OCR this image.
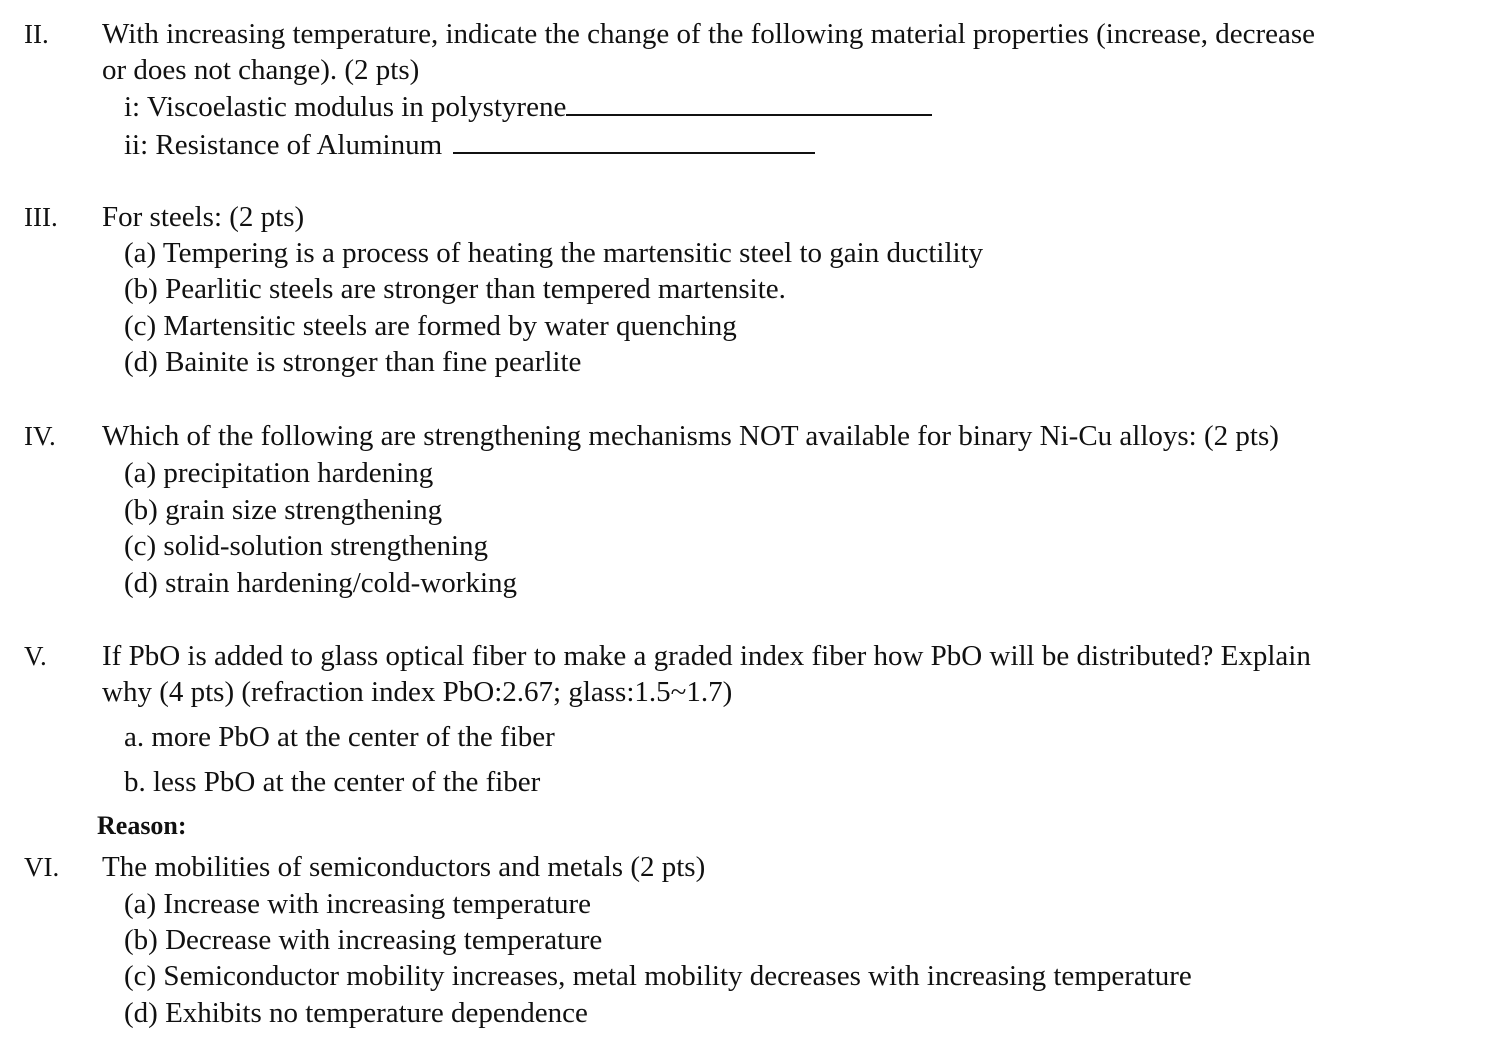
II. With increasing temperature, indicate the change of the following material properties (increase, decrease
or does not change). (2 pts)
i: Viscoelastic modulus in polystyrene
ii: Resistance of Aluminum
III. For steels: (2 pts)
(a) Tempering is a process of heating the martensitic steel to gain ductility
(b) Pearlitic steels are stronger than tempered martensite.
(c) Martensitic steels are formed by water quenching
(d) Bainite is stronger than fine pearlite
IV. Which of the following are strengthening mechanisms NOT available for binary Ni-Cu alloys: (2 pts)
(a) precipitation hardening
(b) grain size strengthening
(c) solid-solution strengthening
(d) strain hardening/cold-working
V. If PbO is added to glass optical fiber to make a graded index fiber how PbO will be distributed? Explain
why (4 pts) (refraction index PbO:2.67; glass:1.5~1.7)
a. more PbO at the center of the fiber
b. less PbO at the center of the fiber
Reason:
VI. The mobilities of semiconductors and metals (2 pts)
(a) Increase with increasing temperature
(b) Decrease with increasing temperature
(c) Semiconductor mobility increases, metal mobility decreases with increasing temperature
(d) Exhibits no temperature dependence
